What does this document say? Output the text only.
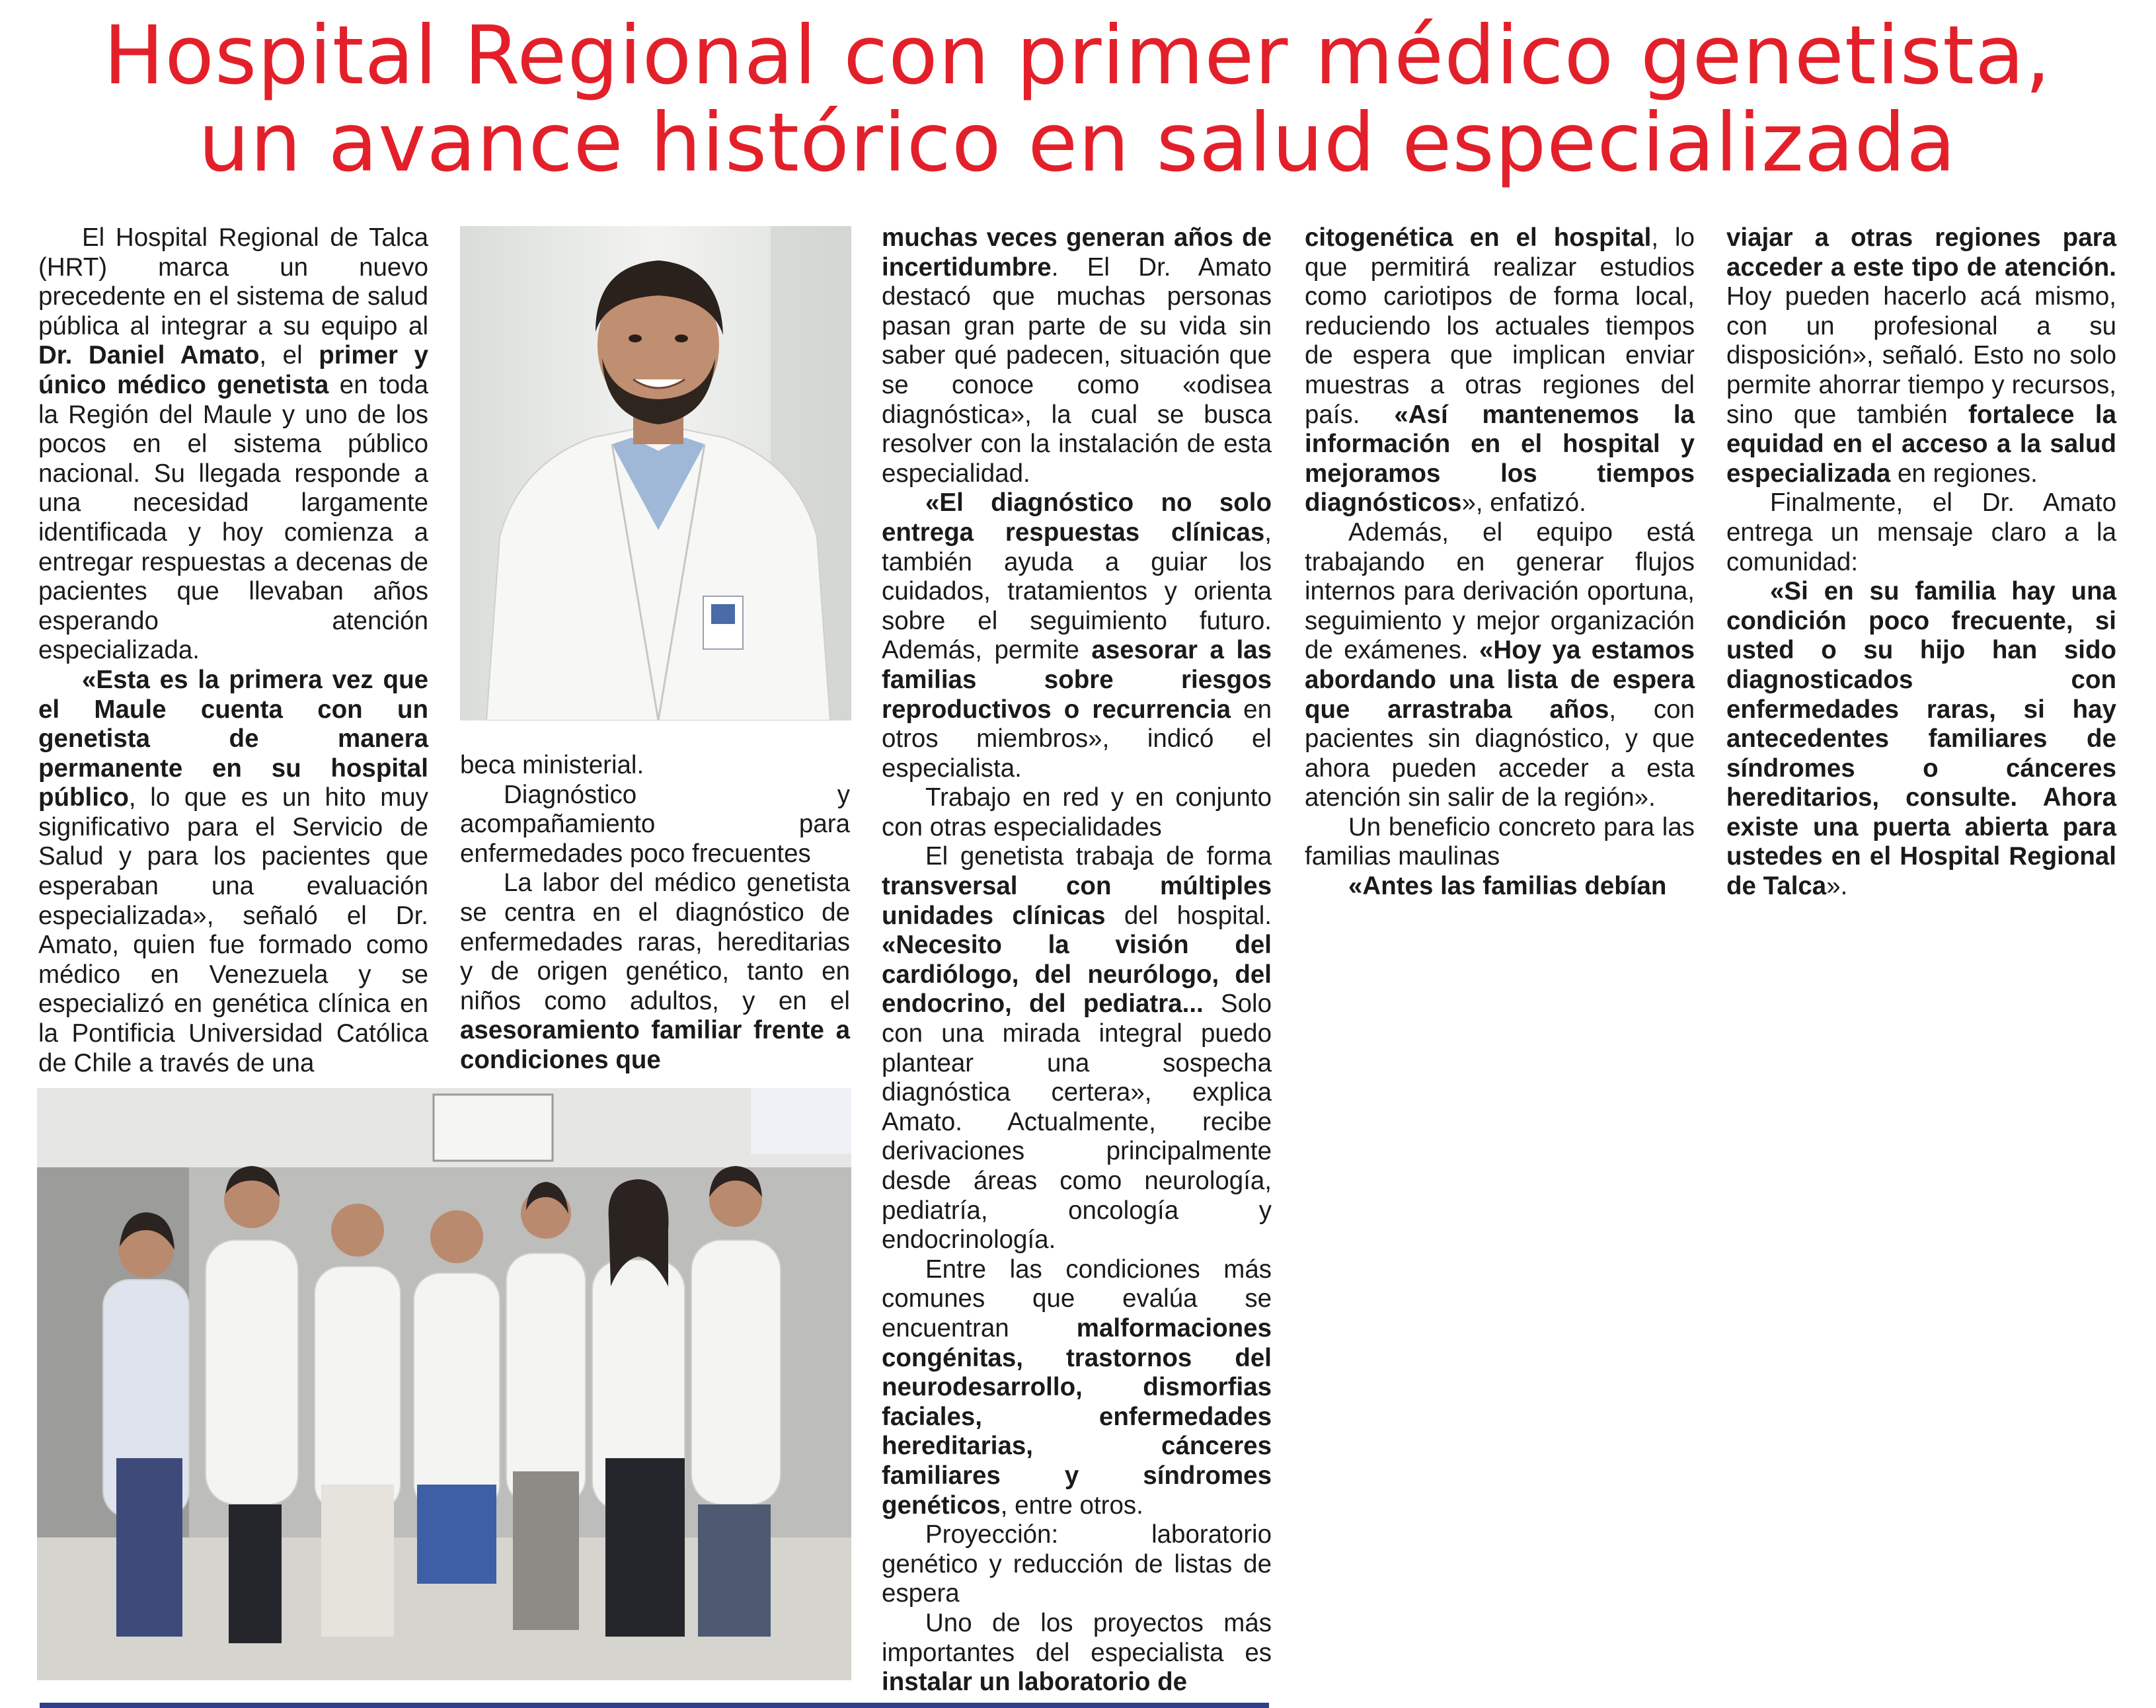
Hospital Regional con primer médico genetista,
un avance histórico en salud especializada

El Hospital Regional de Talca (HRT) marca un nuevo precedente en el sistema de salud pública al integrar a su equipo al Dr. Daniel Amato, el primer y único médico genetista en toda la Región del Maule y uno de los pocos en el sistema público nacional. Su llegada responde a una necesidad largamente identificada y hoy comienza a entregar respuestas a decenas de pacientes que llevaban años esperando atención especializada.

«Esta es la primera vez que el Maule cuenta con un genetista de manera permanente en su hospital público, lo que es un hito muy significativo para el Servicio de Salud y para los pacientes que esperaban una evaluación especializada», señaló el Dr. Amato, quien fue formado como médico en Venezuela y se especializó en genética clínica en la Pontificia Universidad Católica de Chile a través de una

beca ministerial.

Diagnóstico y acompañamiento para enfermedades poco frecuentes

La labor del médico genetista se centra en el diagnóstico de enfermedades raras, hereditarias y de origen genético, tanto en niños como adultos, y en el asesoramiento familiar frente a condiciones que

muchas veces generan años de incertidumbre. El Dr. Amato destacó que muchas personas pasan gran parte de su vida sin saber qué padecen, situación que se conoce como «odisea diagnóstica», la cual se busca resolver con la instalación de esta especialidad.

«El diagnóstico no solo entrega respuestas clínicas, también ayuda a guiar los cuidados, tratamientos y orienta sobre el seguimiento futuro. Además, permite asesorar a las familias sobre riesgos reproductivos o recurrencia en otros miembros», indicó el especialista.

Trabajo en red y en conjunto con otras especialidades

El genetista trabaja de forma transversal con múltiples unidades clínicas del hospital. «Necesito la visión del cardiólogo, del neurólogo, del endocrino, del pediatra... Solo con una mirada integral puedo plantear una sospecha diagnóstica certera», explica Amato. Actualmente, recibe derivaciones principalmente desde áreas como neurología, pediatría, oncología y endocrinología.

Entre las condiciones más comunes que evalúa se encuentran malformaciones congénitas, trastornos del neurodesarrollo, dismorfias faciales, enfermedades hereditarias, cánceres familiares y síndromes genéticos, entre otros.

Proyección: laboratorio genético y reducción de listas de espera

Uno de los proyectos más importantes del especialista es instalar un laboratorio de

citogenética en el hospital, lo que permitirá realizar estudios como cariotipos de forma local, reduciendo los actuales tiempos de espera que implican enviar muestras a otras regiones del país. «Así mantenemos la información en el hospital y mejoramos los tiempos diagnósticos», enfatizó.

Además, el equipo está trabajando en generar flujos internos para derivación oportuna, seguimiento y mejor organización de exámenes. «Hoy ya estamos abordando una lista de espera que arrastraba años, con pacientes sin diagnóstico, y que ahora pueden acceder a esta atención sin salir de la región».

Un beneficio concreto para las familias maulinas

«Antes las familias debían

viajar a otras regiones para acceder a este tipo de atención. Hoy pueden hacerlo acá mismo, con un profesional a su disposición», señaló. Esto no solo permite ahorrar tiempo y recursos, sino que también fortalece la equidad en el acceso a la salud especializada en regiones.

Finalmente, el Dr. Amato entrega un mensaje claro a la comunidad:

«Si en su familia hay una condición poco frecuente, si usted o su hijo han sido diagnosticados con enfermedades raras, si hay antecedentes familiares de síndromes o cánceres hereditarios, consulte. Ahora existe una puerta abierta para ustedes en el Hospital Regional de Talca».
